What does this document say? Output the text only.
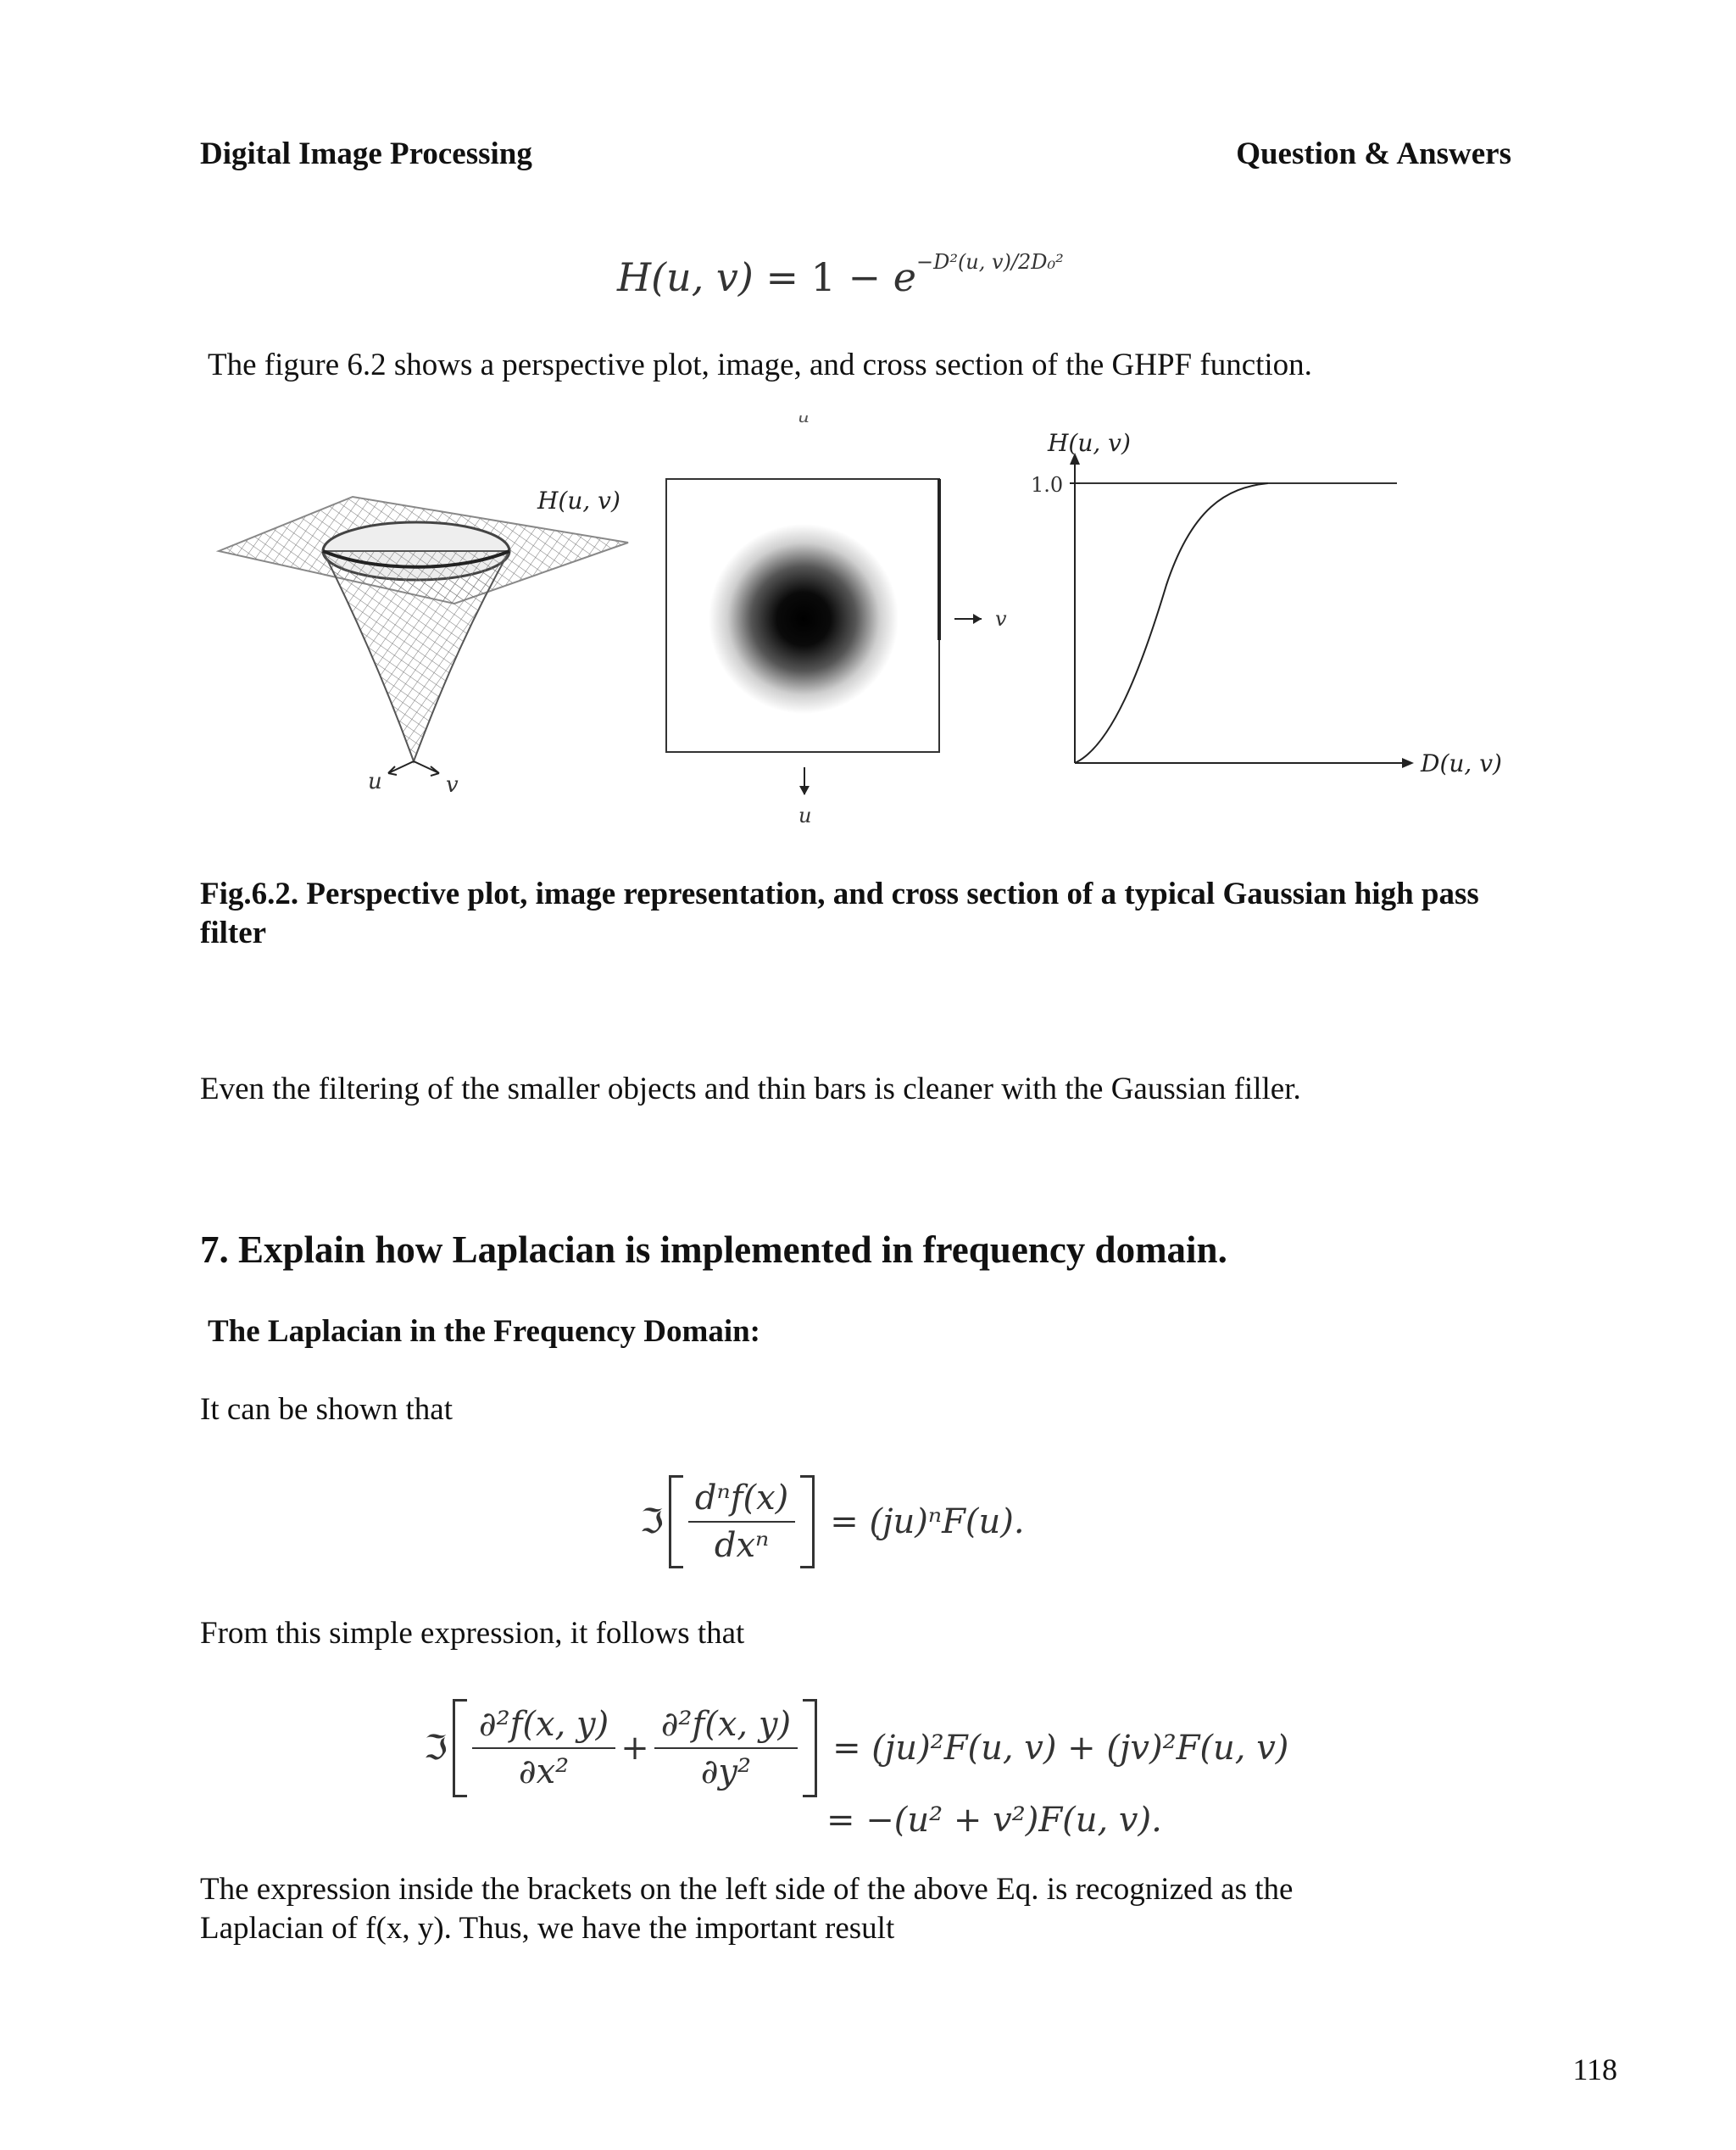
Digital Image Processing	Question & Answers
H(u, $v) = 1 - e^{-D^2(u, v)/2D_0^2}$
The figure 6.2 shows a perspective plot, image, and cross section of the GHPF function.
H(u, v)
u	v
u
v
u
H(u, v)
1.0
D(u, v)
Fig.6.2. Perspective plot, image representation, and cross section of a typical Gaussian high pass filter
Even the filtering of the smaller objects and thin bars is cleaner with the Gaussian filler.
7. Explain how Laplacian is implemented in frequency domain.
The Laplacian in the Frequency Domain:
It can be shown that
ℑ $\frac{\text{dⁿf(x)}}{\text{dxⁿ}} = (ju)^nF(u)$.
From this simple expression, it follows that
ℑ $\frac{\text{∂²f(x, y)}}{\text{∂x²}} + \frac{\text{∂²f(x, y)}}{\text{∂y²}} = (ju)^2F(u$, v) + (jv)²F(u, v)
= −(u² + v²)F(u, v).
The expression inside the brackets on the left side of the above Eq. is recognized as the
Laplacian of f(x, y). Thus, we have the important result
118
